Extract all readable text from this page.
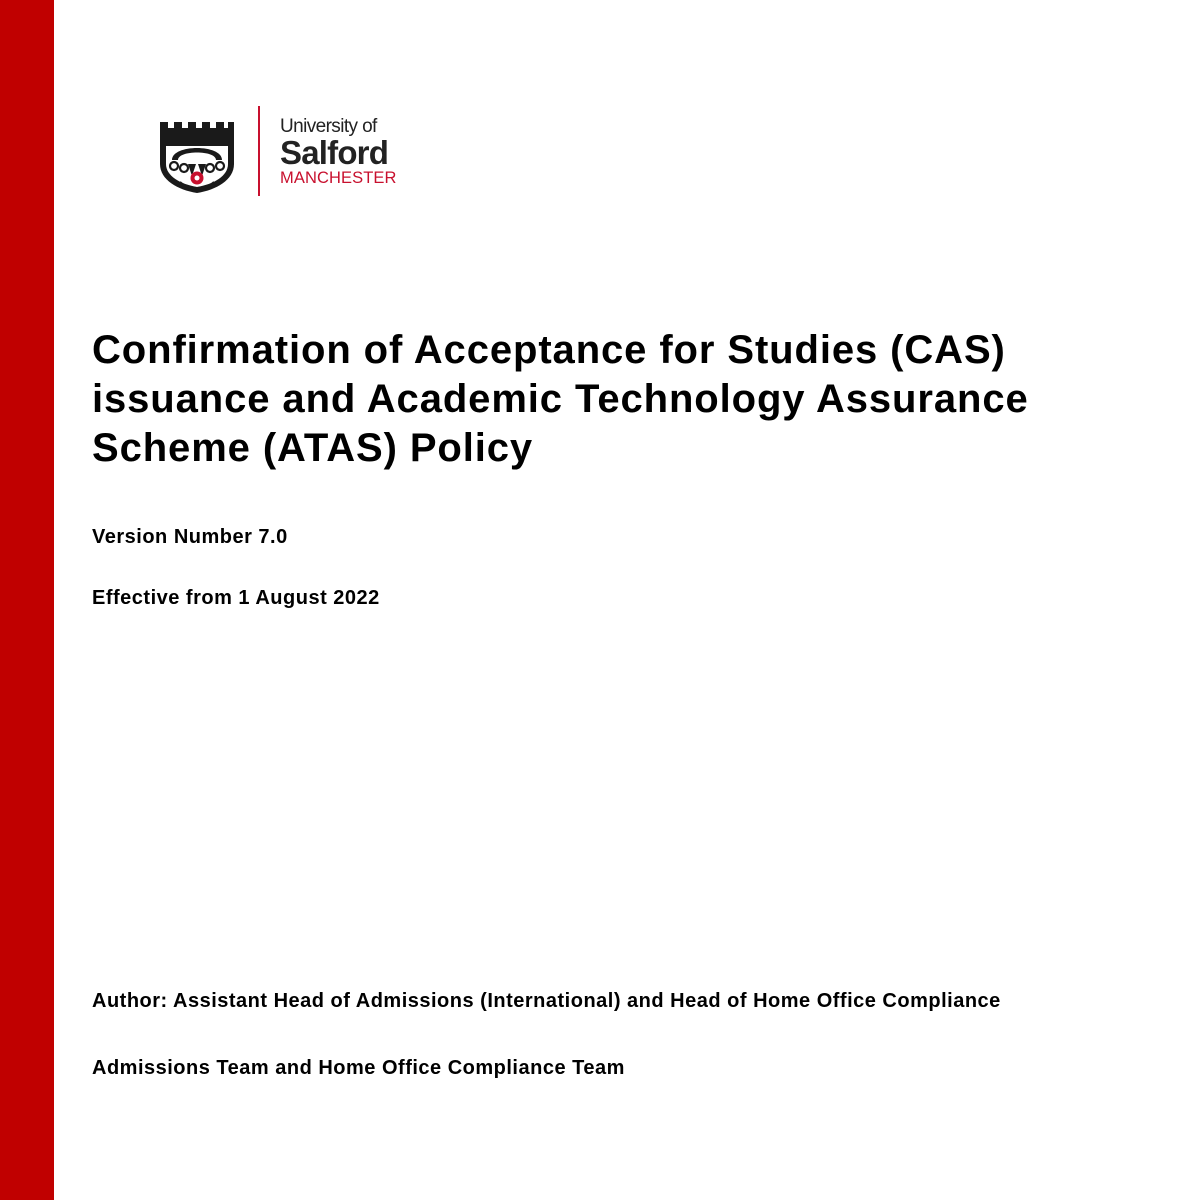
University of
Salford
MANCHESTER
Confirmation of Acceptance for Studies (CAS) issuance and Academic Technology Assurance Scheme (ATAS) Policy

Version Number 7.0

Effective from 1 August 2022

Author: Assistant Head of Admissions (International) and Head of Home Office Compliance

Admissions Team and Home Office Compliance Team
